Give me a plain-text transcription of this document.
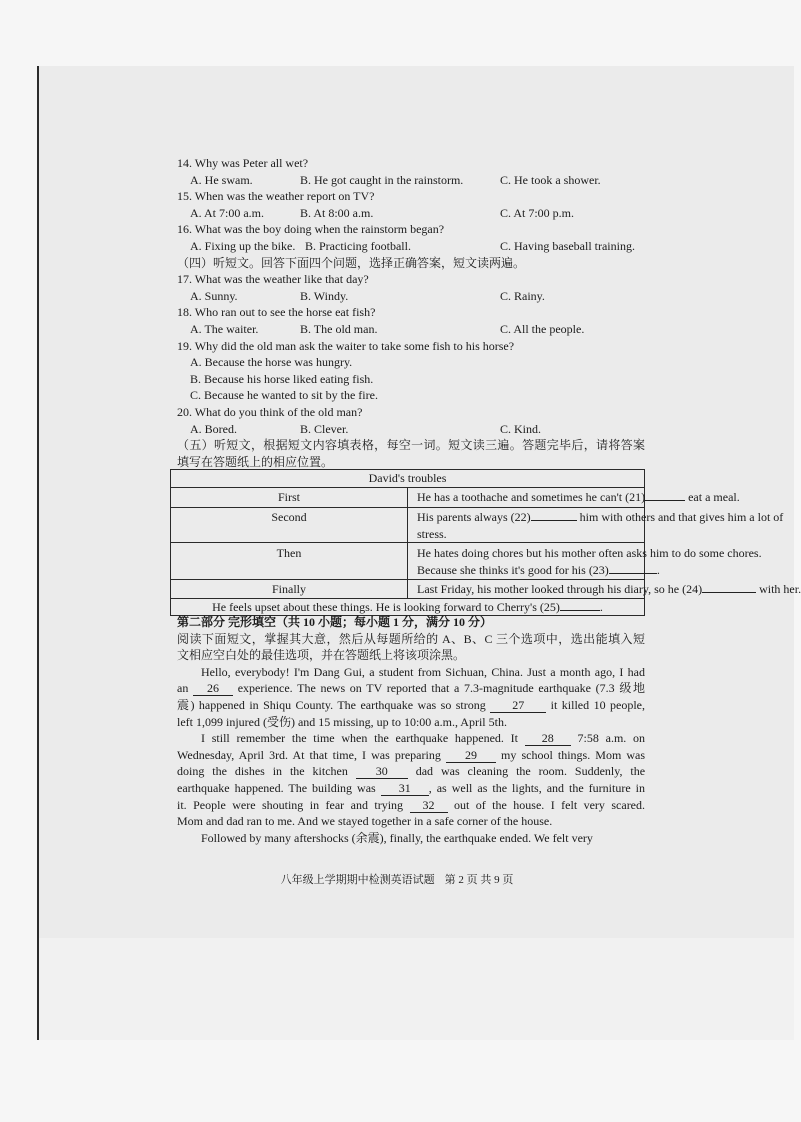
14. Why was Peter all wet?
A. He swam.	B. He got caught in the rainstorm.	C. He took a shower.
15. When was the weather report on TV?
A. At 7:00 a.m.	B. At 8:00 a.m.	C. At 7:00 p.m.
16. What was the boy doing when the rainstorm began?
A. Fixing up the bike. B. Practicing football.	C. Having baseball training.
（四）听短文。回答下面四个问题，选择正确答案，短文读两遍。
17. What was the weather like that day?
A. Sunny.	B. Windy.	C. Rainy.
18. Who ran out to see the horse eat fish?
A. The waiter.	B. The old man.	C. All the people.
19. Why did the old man ask the waiter to take some fish to his horse?
A. Because the horse was hungry.
B. Because his horse liked eating fish.
C. Because he wanted to sit by the fire.
20. What do you think of the old man?
A. Bored.	B. Clever.	C. Kind.
（五）听短文，根据短文内容填表格，每空一词。短文读三遍。答题完毕后，请将答案
填写在答题纸上的相应位置。
David's troubles	
First	He has a toothache and sometimes he can't (21) eat a meal.

Second	His parents always (22) him with others and that gives him a lot of
stress.

Then	He hates doing chores but his mother often asks him to do some chores.
Because she thinks it's good for his (23) .

Finally	Last Friday, his mother looked through his diary, so he (24) with her.

He feels upset about these things. He is looking forward to Cherry's (25) .	
第二部分 完形填空（共 10 小题；每小题 1 分，满分 10 分）
阅读下面短文，掌握其大意，然后从每题所给的 A、B、C 三个选项中，选出能填入短
文相应空白处的最佳选项，并在答题纸上将该项涂黑。
Hello, everybody! I'm Dang Gui, a student from Sichuan, China. Just a month ago, I had
an 26 experience. The news on TV reported that a 7.3-magnitude earthquake (7.3 级地
震) happened in Shiqu County. The earthquake was so strong 27 it killed 10 people,
left 1,099 injured (受伤) and 15 missing, up to 10:00 a.m., April 5th.
I still remember the time when the earthquake happened. It 28 7:58 a.m. on
Wednesday, April 3rd. At that time, I was preparing 29 my school things. Mom was
doing the dishes in the kitchen 30 dad was cleaning the room. Suddenly, the
earthquake happened. The building was 31 , as well as the lights, and the furniture in
it. People were shouting in fear and trying 32 out of the house. I felt very scared.
Mom and dad ran to me. And we stayed together in a safe corner of the house.
Followed by many aftershocks (余震), finally, the earthquake ended. We felt very
八年级上学期期中检测英语试题 第 2 页 共 9 页
